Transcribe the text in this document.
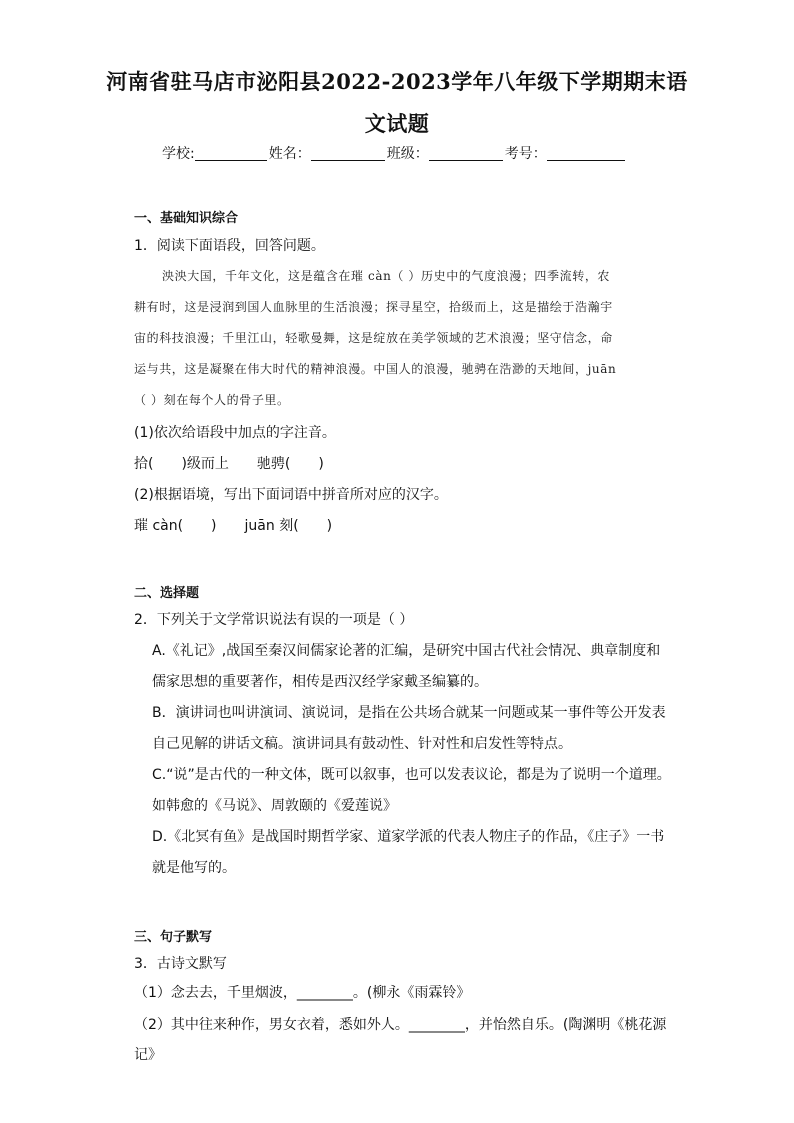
河南省驻马店市泌阳县2022-2023学年八年级下学期期末语
文试题
学校:	姓名：	班级：	考号：
一、基础知识综合
1．阅读下面语段，回答问题。
泱泱大国，千年文化，这是蕴含在璀 càn（ ）历史中的气度浪漫；四季流转，农
耕有时，这是浸润到国人血脉里的生活浪漫；探寻星空，拾级而上，这是描绘于浩瀚宇
宙的科技浪漫；千里江山，轻歌曼舞，这是绽放在美学领域的艺术浪漫；坚守信念，命
运与共，这是凝聚在伟大时代的精神浪漫。中国人的浪漫，驰骋在浩渺的天地间，juān
（ ）刻在每个人的骨子里。
(1)依次给语段中加点的字注音。
拾(　　)级而上　　驰骋(　　)
(2)根据语境，写出下面词语中拼音所对应的汉字。
璀 càn(　　)　　juān 刻(　　)
二、选择题
2．下列关于文学常识说法有误的一项是（ ）
A.《礼记》,战国至秦汉间儒家论著的汇编，是研究中国古代社会情况、典章制度和
儒家思想的重要著作，相传是西汉经学家戴圣编纂的。
B．演讲词也叫讲演词、演说词，是指在公共场合就某一问题或某一事件等公开发表
自己见解的讲话文稿。演讲词具有鼓动性、针对性和启发性等特点。
C.“说”是古代的一种文体，既可以叙事，也可以发表议论，都是为了说明一个道理。
如韩愈的《马说》、周敦颐的《爱莲说》
D.《北冥有鱼》是战国时期哲学家、道家学派的代表人物庄子的作品，《庄子》一书
就是他写的。
三、句子默写
3．古诗文默写
（1）念去去，千里烟波，________。(柳永《雨霖铃》
（2）其中往来种作，男女衣着，悉如外人。________，并怡然自乐。(陶渊明《桃花源
记》
